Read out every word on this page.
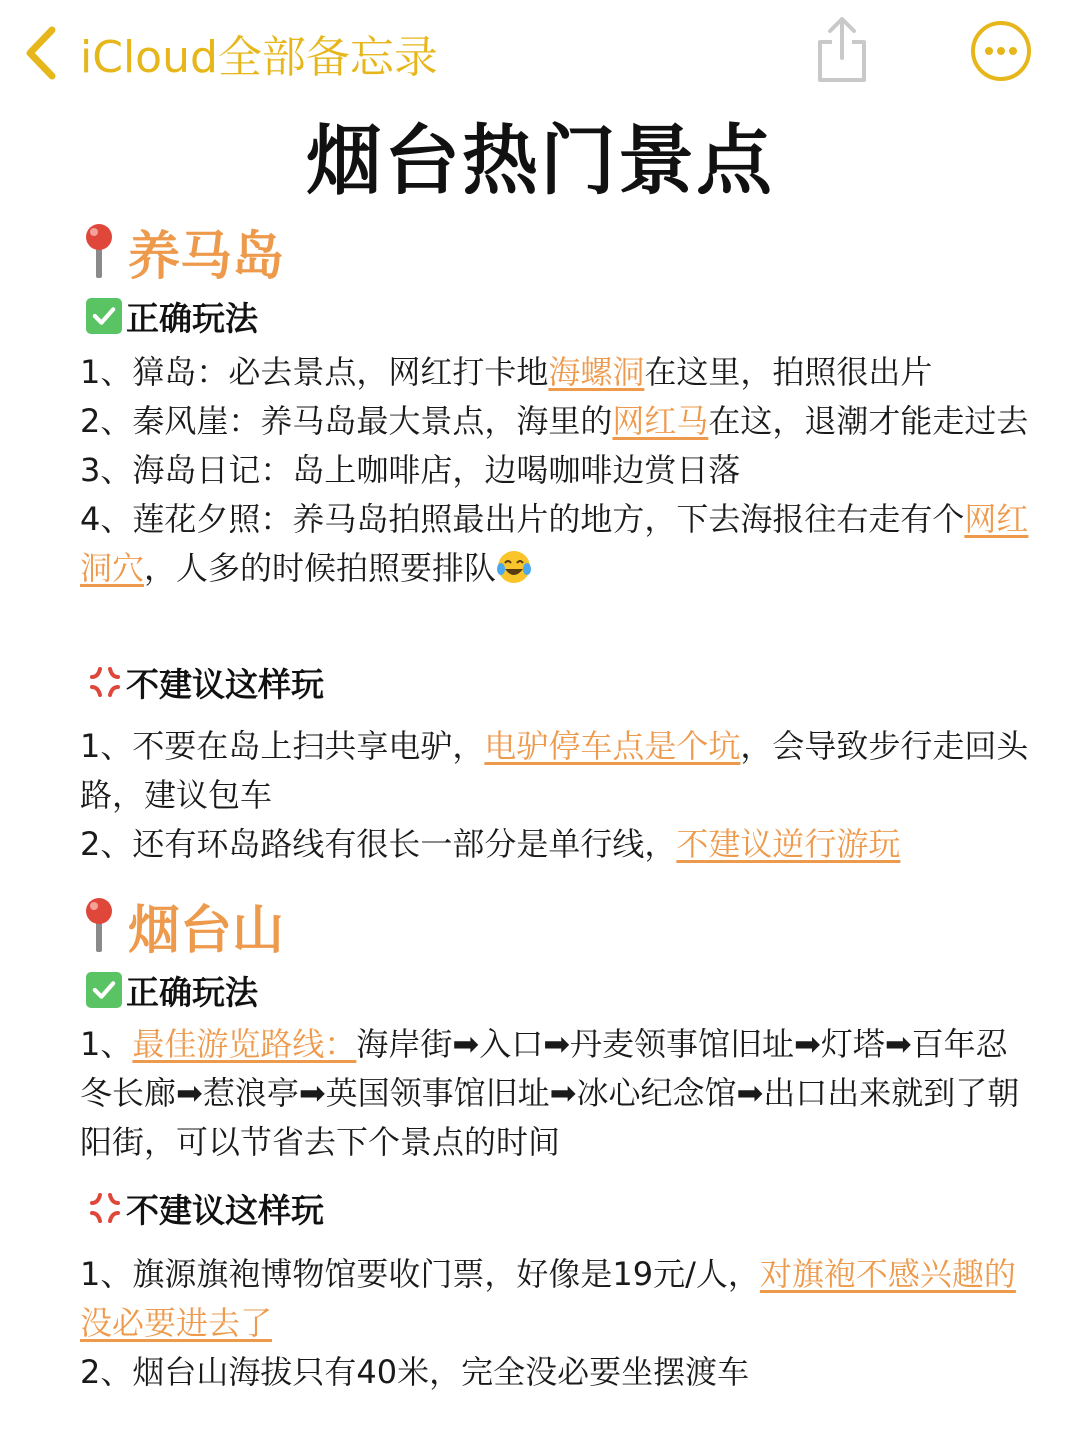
iCloud全部备忘录
烟台热门景点
养马岛
正确玩法
1、獐岛：必去景点，网红打卡地海螺洞在这里，拍照很出片
2、秦风崖：养马岛最大景点，海里的网红马在这，退潮才能走过去
3、海岛日记：岛上咖啡店，边喝咖啡边赏日落
4、莲花夕照：养马岛拍照最出片的地方，下去海报往右走有个网红洞穴，人多的时候拍照要排队
不建议这样玩
1、不要在岛上扫共享电驴，电驴停车点是个坑，会导致步行走回头路，建议包车
2、还有环岛路线有很长一部分是单行线，不建议逆行游玩
烟台山
正确玩法
1、最佳游览路线：海岸街➡入口➡丹麦领事馆旧址➡灯塔➡百年忍冬长廊➡惹浪亭➡英国领事馆旧址➡冰心纪念馆➡出口出来就到了朝阳街，可以节省去下个景点的时间
不建议这样玩
1、旗源旗袍博物馆要收门票，好像是19元/人，对旗袍不感兴趣的没必要进去了
2、烟台山海拔只有40米，完全没必要坐摆渡车
